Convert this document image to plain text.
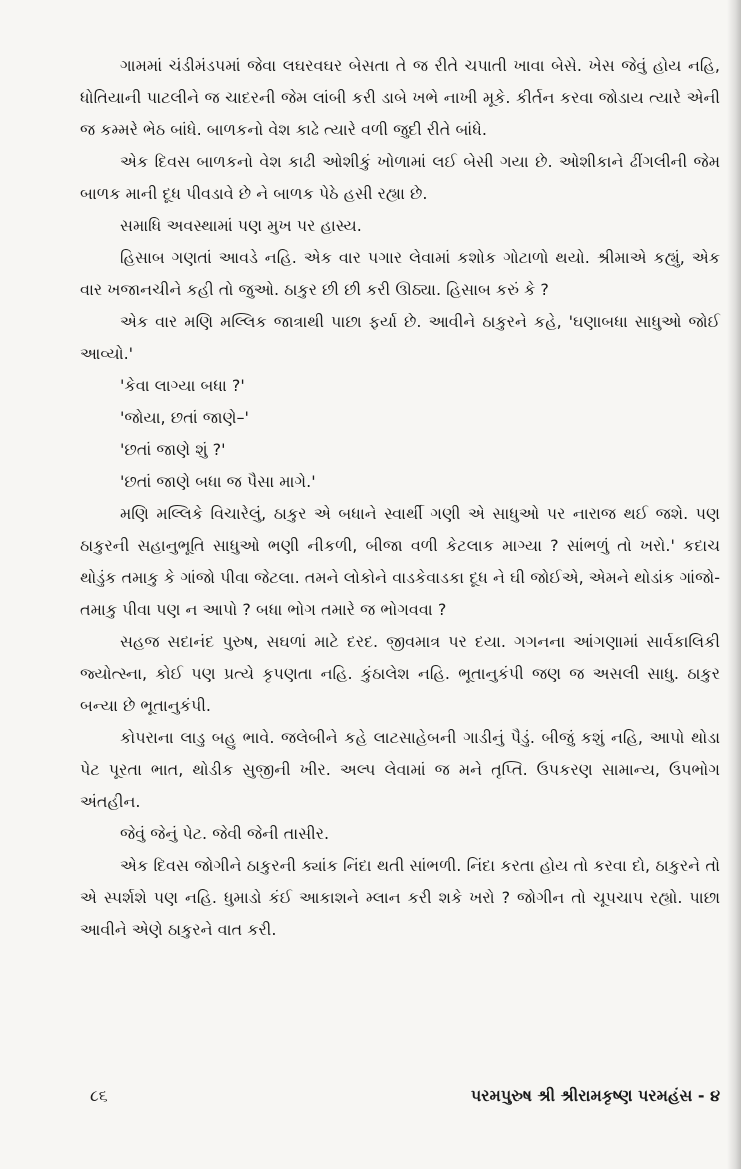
ગામમાં ચંડીમંડપમાં જેવા લઘરવઘર બેસતા તે જ રીતે ચપાતી ખાવા બેસે. ખેસ જેવું હોય નહિ, ધોતિયાની પાટલીને જ ચાદરની જેમ લાંબી કરી ડાબે ખભે નાખી મૂકે. કીર્તન કરવા જોડાય ત્યારે એની જ કમ્મરે ભેઠ બાંધે. બાળકનો વેશ કાઢે ત્યારે વળી જુદી રીતે બાંધે.

એક દિવસ બાળકનો વેશ કાઢી ઓશીકું ખોળામાં લઈ બેસી ગયા છે. ઓશીકાને ઢીંગલીની જેમ બાળક માની દૂધ પીવડાવે છે ને બાળક પેઠે હસી રહ્યા છે.

સમાધિ અવસ્થામાં પણ મુખ પર હાસ્ય.

હિસાબ ગણતાં આવડે નહિ. એક વાર પગાર લેવામાં કશોક ગોટાળો થયો. શ્રીમાએ કહ્યું, એક વાર ખજાનચીને કહી તો જુઓ. ઠાકુર છી છી કરી ઊઠ્યા. હિસાબ કરું કે ?

એક વાર મણિ મલ્લિક જાત્રાથી પાછા ફર્યા છે. આવીને ઠાકુરને કહે, 'ઘણાબધા સાધુઓ જોઈ આવ્યો.'

'કેવા લાગ્યા બધા ?'

'જોયા, છતાં જાણે–'

'છતાં જાણે શું ?'

'છતાં જાણે બધા જ પૈસા માગે.'

મણિ મલ્લિકે વિચારેલું, ઠાકુર એ બધાને સ્વાર્થી ગણી એ સાધુઓ પર નારાજ થઈ જશે. પણ ઠાકુરની સહાનુભૂતિ સાધુઓ ભણી નીકળી, બીજા વળી કેટલાક માગ્યા ? સાંભળું તો ખરો.' કદાચ થોડુંક તમાકુ કે ગાંજો પીવા જેટલા. તમને લોકોને વાડકેવાડકા દૂધ ને ઘી જોઈએ, એમને થોડાંક ગાંજો-તમાકુ પીવા પણ ન આપો ? બધા ભોગ તમારે જ ભોગવવા ?

સહજ સદાનંદ પુરુષ, સઘળાં માટે દરદ. જીવમાત્ર પર દયા. ગગનના આંગણામાં સાર્વકાલિકી જ્યોત્સ્ના, કોઈ પણ પ્રત્યે કૃપણતા નહિ. કુંઠાલેશ નહિ. ભૂતાનુકંપી જણ જ અસલી સાધુ. ઠાકુર બન્યા છે ભૂતાનુકંપી.

કોપરાના લાડુ બહુ ભાવે. જલેબીને કહે લાટસાહેબની ગાડીનું પૈડું. બીજું કશું નહિ, આપો થોડા પેટ પૂરતા ભાત, થોડીક સુજીની ખીર. અલ્પ લેવામાં જ મને તૃપ્તિ. ઉપકરણ સામાન્ય, ઉપભોગ અંતહીન.

જેવું જેનું પેટ. જેવી જેની તાસીર.

એક દિવસ જોગીને ઠાકુરની ક્યાંક નિંદા થતી સાંભળી. નિંદા કરતા હોય તો કરવા દો, ઠાકુરને તો એ સ્પર્શશે પણ નહિ. ધુમાડો કંઈ આકાશને મ્લાન કરી શકે ખરો ? જોગીન તો ચૂપચાપ રહ્યો. પાછા આવીને એણે ઠાકુરને વાત કરી.

૮૬	પરમપુરુષ શ્રી શ્રીરામકૃષ્ણ પરમહંસ - ૪
